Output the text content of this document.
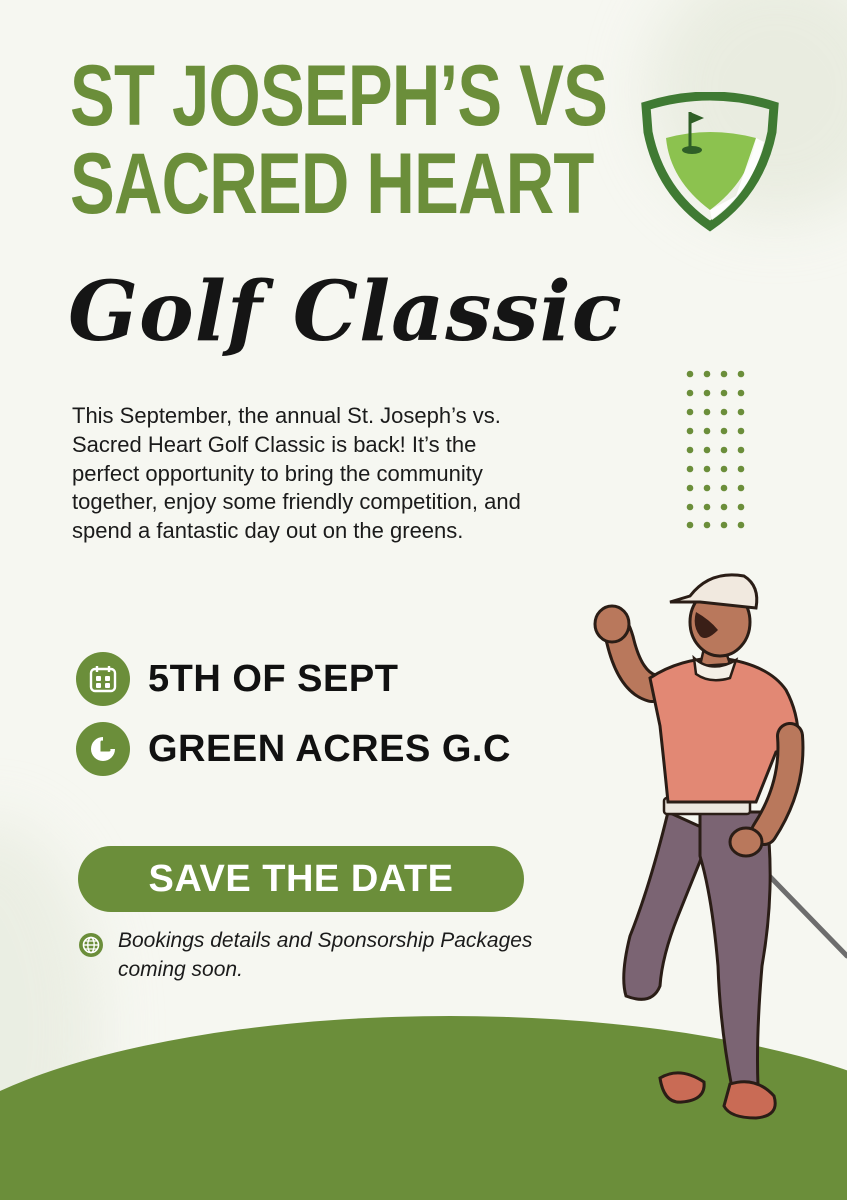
ST JOSEPH’S VS
SACRED HEART
Golf Classic

This September, the annual St. Joseph’s vs. Sacred Heart Golf Classic is back! It’s the perfect opportunity to bring the community together, enjoy some friendly competition, and spend a fantastic day out on the greens.

5TH OF SEPT
GREEN ACRES G.C
SAVE THE DATE

Bookings details and Sponsorship Packages coming soon.
